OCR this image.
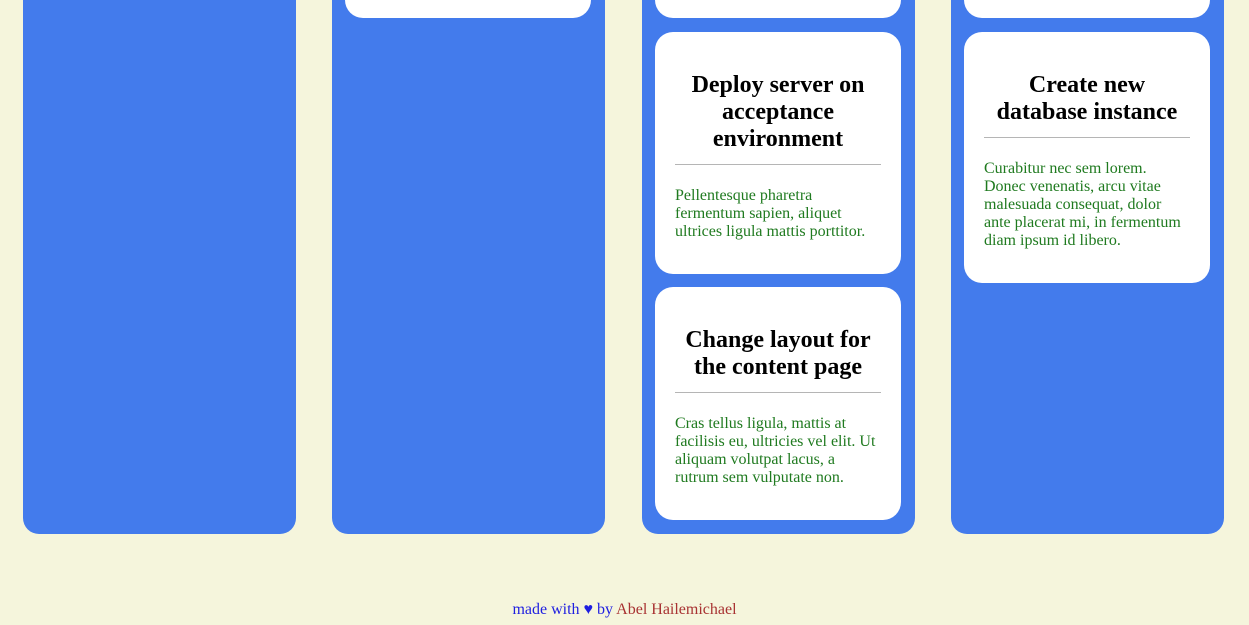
Deploy server on acceptance environment

Pellentesque pharetra fermentum sapien, aliquet ultrices ligula mattis porttitor.

Change layout for the content page

Cras tellus ligula, mattis at facilisis eu, ultricies vel elit. Ut aliquam volutpat lacus, a rutrum sem vulputate non.

Create new database instance

Curabitur nec sem lorem. Donec venenatis, arcu vitae malesuada consequat, dolor ante placerat mi, in fermentum diam ipsum id libero.

made with ♥ by Abel Hailemichael
